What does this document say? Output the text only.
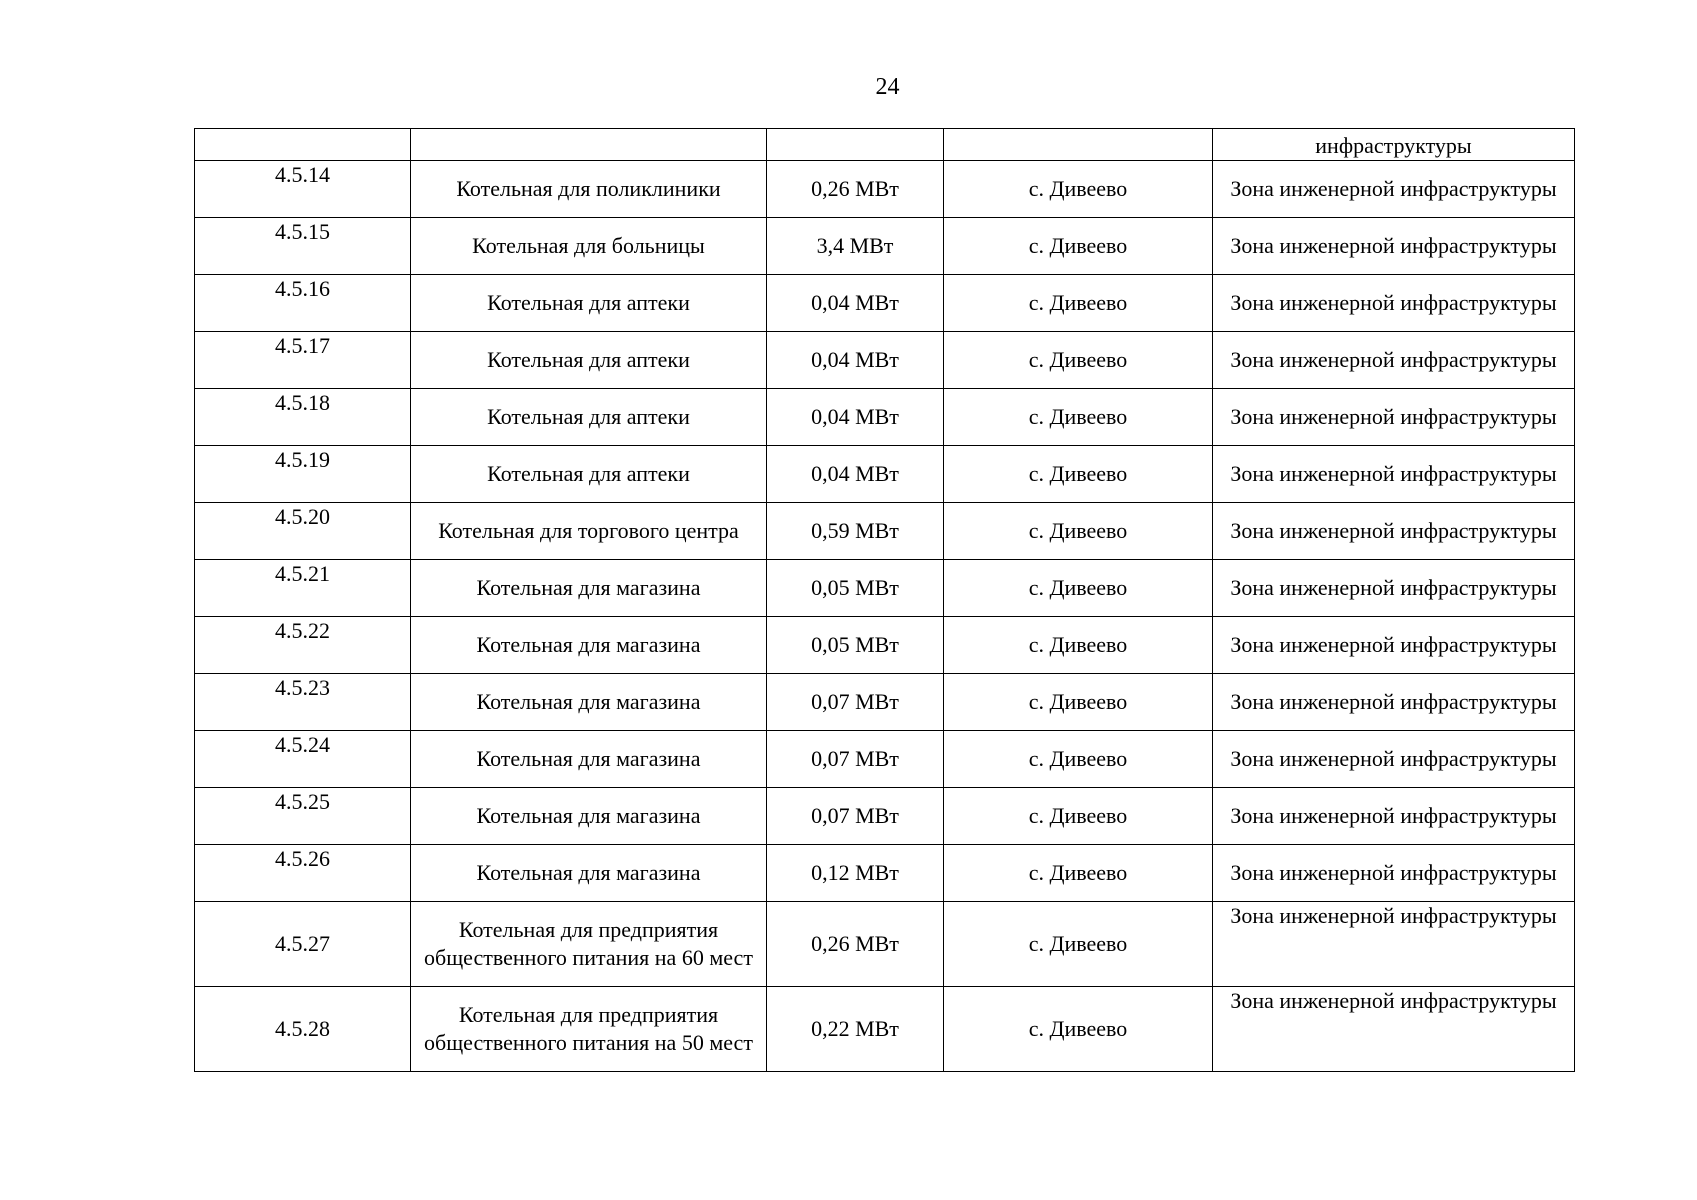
24
				инфраструктуры
4.5.14	Котельная для поликлиники	0,26 МВт	с. Дивеево	Зона инженерной инфраструктуры
4.5.15	Котельная для больницы	3,4 МВт	с. Дивеево	Зона инженерной инфраструктуры
4.5.16	Котельная для аптеки	0,04 МВт	с. Дивеево	Зона инженерной инфраструктуры
4.5.17	Котельная для аптеки	0,04 МВт	с. Дивеево	Зона инженерной инфраструктуры
4.5.18	Котельная для аптеки	0,04 МВт	с. Дивеево	Зона инженерной инфраструктуры
4.5.19	Котельная для аптеки	0,04 МВт	с. Дивеево	Зона инженерной инфраструктуры
4.5.20	Котельная для торгового центра	0,59 МВт	с. Дивеево	Зона инженерной инфраструктуры
4.5.21	Котельная для магазина	0,05 МВт	с. Дивеево	Зона инженерной инфраструктуры
4.5.22	Котельная для магазина	0,05 МВт	с. Дивеево	Зона инженерной инфраструктуры
4.5.23	Котельная для магазина	0,07 МВт	с. Дивеево	Зона инженерной инфраструктуры
4.5.24	Котельная для магазина	0,07 МВт	с. Дивеево	Зона инженерной инфраструктуры
4.5.25	Котельная для магазина	0,07 МВт	с. Дивеево	Зона инженерной инфраструктуры
4.5.26	Котельная для магазина	0,12 МВт	с. Дивеево	Зона инженерной инфраструктуры
4.5.27	Котельная для предприятия общественного питания на 60 мест	0,26 МВт	с. Дивеево	Зона инженерной инфраструктуры
4.5.28	Котельная для предприятия общественного питания на 50 мест	0,22 МВт	с. Дивеево	Зона инженерной инфраструктуры
